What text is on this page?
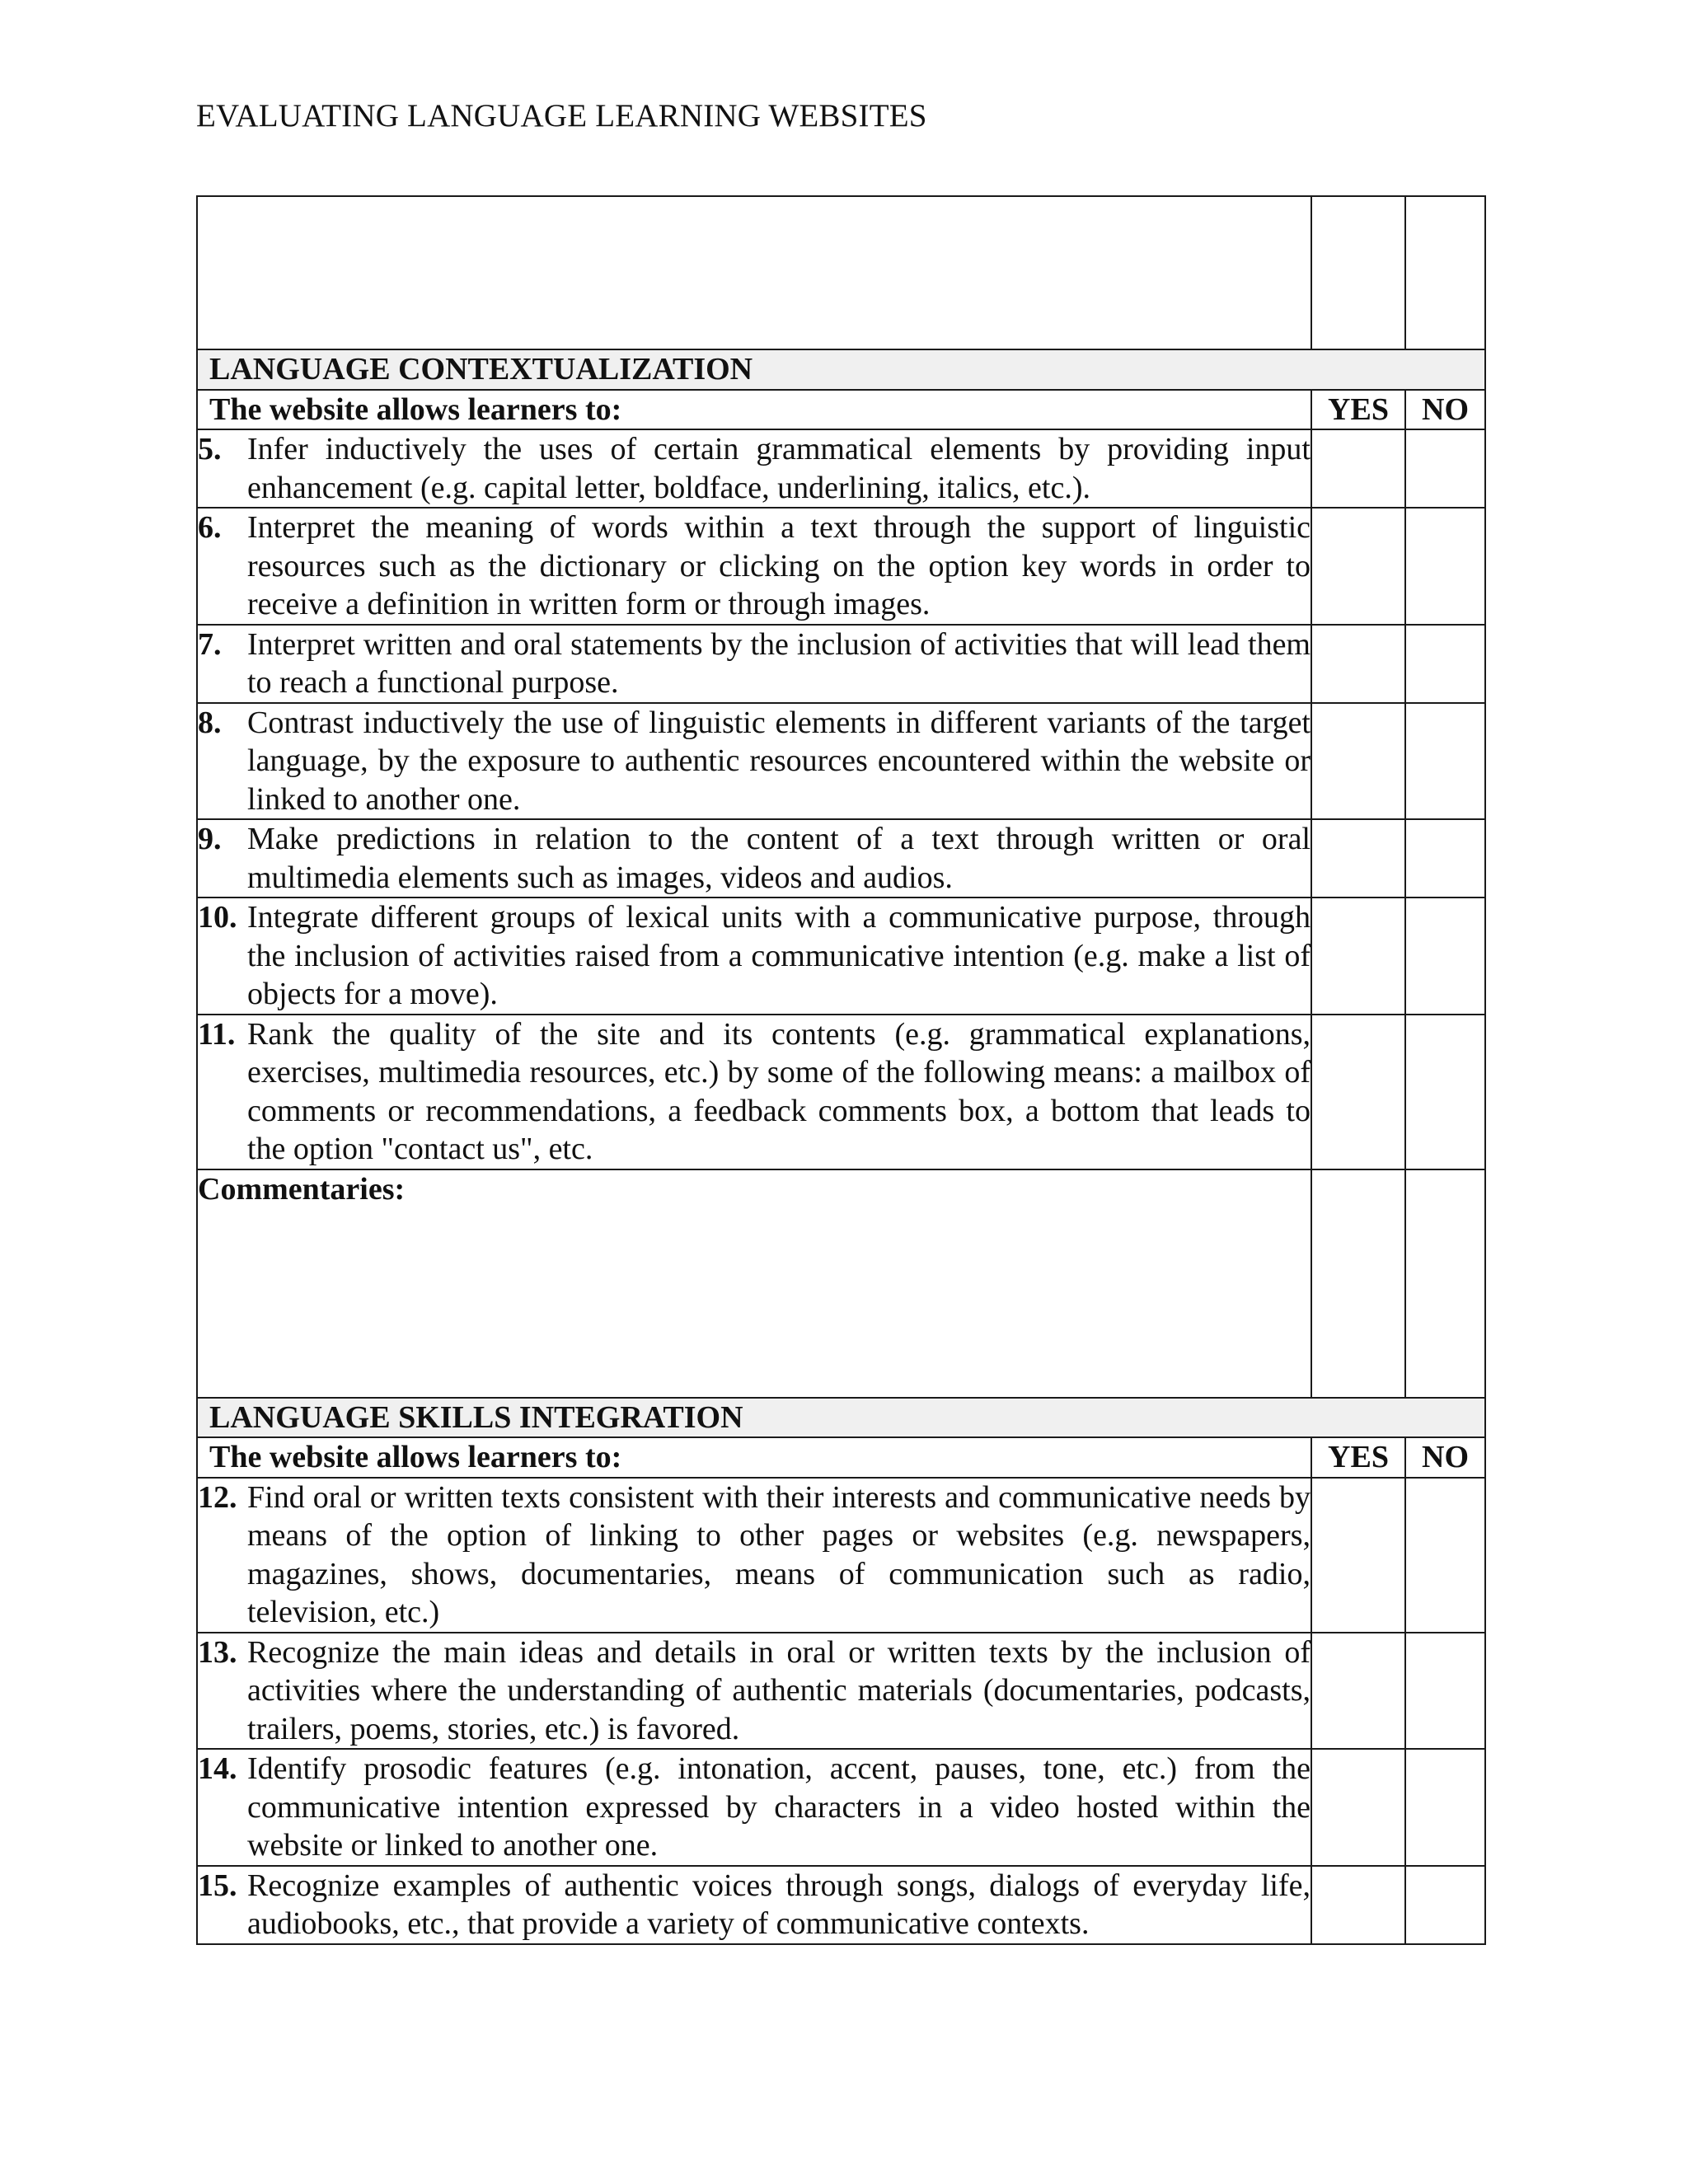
EVALUATING LANGUAGE LEARNING WEBSITES

LANGUAGE CONTEXTUALIZATION		
The website allows learners to:	YES	NO

5. Infer inductively the uses of certain grammatical elements by providing input enhancement (e.g. capital letter, boldface, underlining, italics, etc.).		

6. Interpret the meaning of words within a text through the support of linguistic resources such as the dictionary or clicking on the option key words in order to receive a definition in written form or through images.		

7. Interpret written and oral statements by the inclusion of activities that will lead them to reach a functional purpose.		

8. Contrast inductively the use of linguistic elements in different variants of the target language, by the exposure to authentic resources encountered within the website or linked to another one.		

9. Make predictions in relation to the content of a text through written or oral multimedia elements such as images, videos and audios.		

10. Integrate different groups of lexical units with a communicative purpose, through the inclusion of activities raised from a communicative intention (e.g. make a list of objects for a move).		

11. Rank the quality of the site and its contents (e.g. grammatical explanations, exercises, multimedia resources, etc.) by some of the following means: a mailbox of comments or recommendations, a feedback comments box, a bottom that leads to the option "contact us", etc.		

Commentaries:		
LANGUAGE SKILLS INTEGRATION		
The website allows learners to:	YES	NO

12. Find oral or written texts consistent with their interests and communicative needs by means of the option of linking to other pages or websites (e.g. newspapers, magazines, shows, documentaries, means of communication such as radio, television, etc.)		

13. Recognize the main ideas and details in oral or written texts by the inclusion of activities where the understanding of authentic materials (documentaries, podcasts, trailers, poems, stories, etc.) is favored.		

14. Identify prosodic features (e.g. intonation, accent, pauses, tone, etc.) from the communicative intention expressed by characters in a video hosted within the website or linked to another one.		

15. Recognize examples of authentic voices through songs, dialogs of everyday life, audiobooks, etc., that provide a variety of communicative contexts.		
